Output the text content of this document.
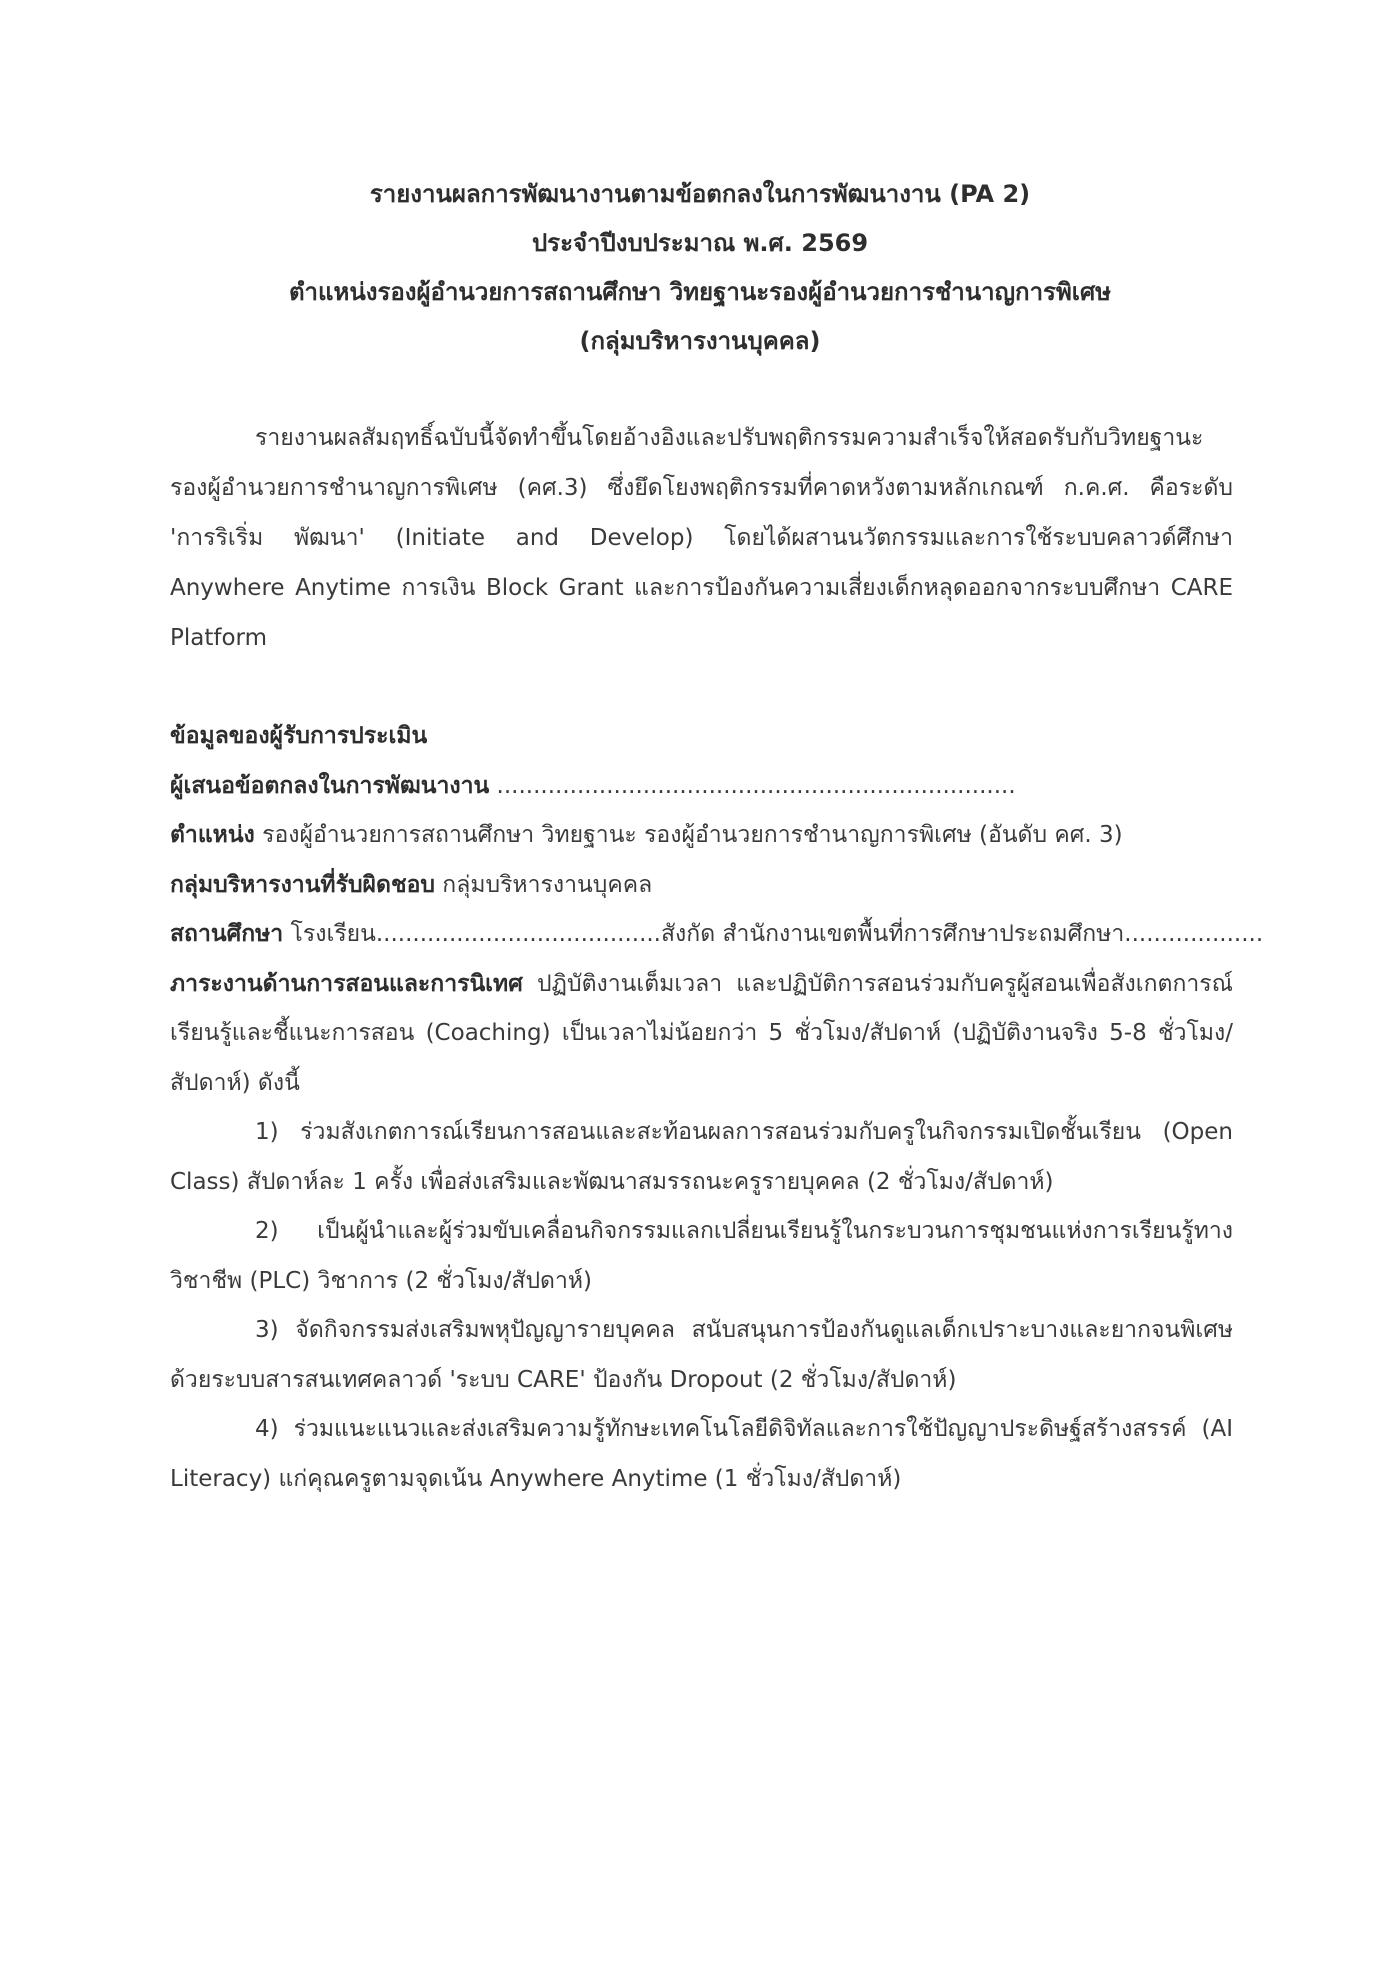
รายงานผลการพัฒนางานตามข้อตกลงในการพัฒนางาน (PA 2)
ประจำปีงบประมาณ พ.ศ. 2569
ตำแหน่งรองผู้อำนวยการสถานศึกษา วิทยฐานะรองผู้อำนวยการชำนาญการพิเศษ
(กลุ่มบริหารงานบุคคล)

รายงานผลสัมฤทธิ์ฉบับนี้จัดทำขึ้นโดยอ้างอิงและปรับพฤติกรรมความสำเร็จให้สอดรับกับวิทยฐานะรองผู้อำนวยการชำนาญการพิเศษ (คศ.3) ซึ่งยึดโยงพฤติกรรมที่คาดหวังตามหลักเกณฑ์ ก.ค.ศ. คือระดับ 'การริเริ่ม พัฒนา' (Initiate and Develop) โดยได้ผสานนวัตกรรมและการใช้ระบบคลาวด์ศึกษา Anywhere Anytime การเงิน Block Grant และการป้องกันความเสี่ยงเด็กหลุดออกจากระบบศึกษา CARE Platform

ข้อมูลของผู้รับการประเมิน

ผู้เสนอข้อตกลงในการพัฒนางาน .......................................................................

ตำแหน่ง รองผู้อำนวยการสถานศึกษา วิทยฐานะ รองผู้อำนวยการชำนาญการพิเศษ (อันดับ คศ. 3)

กลุ่มบริหารงานที่รับผิดชอบ กลุ่มบริหารงานบุคคล

สถานศึกษา โรงเรียน.......................................สังกัด สำนักงานเขตพื้นที่การศึกษาประถมศึกษา...................

ภาระงานด้านการสอนและการนิเทศ ปฏิบัติงานเต็มเวลา และปฏิบัติการสอนร่วมกับครูผู้สอนเพื่อสังเกตการณ์เรียนรู้และชี้แนะการสอน (Coaching) เป็นเวลาไม่น้อยกว่า 5 ชั่วโมง/สัปดาห์ (ปฏิบัติงานจริง 5-8 ชั่วโมง/สัปดาห์) ดังนี้

1) ร่วมสังเกตการณ์เรียนการสอนและสะท้อนผลการสอนร่วมกับครูในกิจกรรมเปิดชั้นเรียน (Open Class) สัปดาห์ละ 1 ครั้ง เพื่อส่งเสริมและพัฒนาสมรรถนะครูรายบุคคล (2 ชั่วโมง/สัปดาห์)

2) เป็นผู้นำและผู้ร่วมขับเคลื่อนกิจกรรมแลกเปลี่ยนเรียนรู้ในกระบวนการชุมชนแห่งการเรียนรู้ทางวิชาชีพ (PLC) วิชาการ (2 ชั่วโมง/สัปดาห์)

3) จัดกิจกรรมส่งเสริมพหุปัญญารายบุคคล สนับสนุนการป้องกันดูแลเด็กเปราะบางและยากจนพิเศษด้วยระบบสารสนเทศคลาวด์ 'ระบบ CARE' ป้องกัน Dropout (2 ชั่วโมง/สัปดาห์)

4) ร่วมแนะแนวและส่งเสริมความรู้ทักษะเทคโนโลยีดิจิทัลและการใช้ปัญญาประดิษฐ์สร้างสรรค์ (AI Literacy) แก่คุณครูตามจุดเน้น Anywhere Anytime (1 ชั่วโมง/สัปดาห์)
